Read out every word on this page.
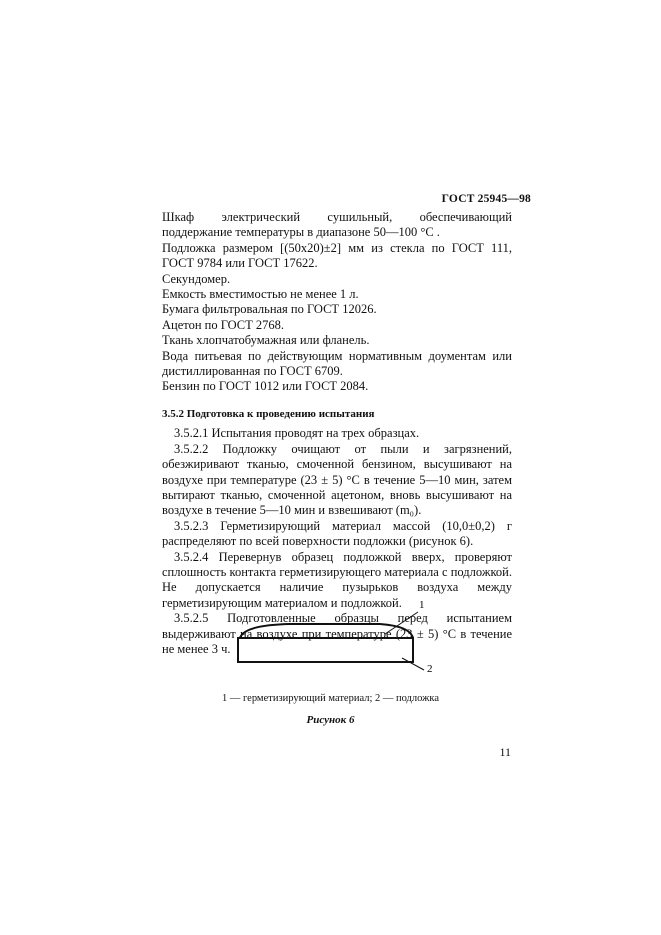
ГОСТ 25945—98

Шкаф электрический сушильный, обеспечивающий поддержание температуры в диапазоне 50—100 °С .

Подложка размером [(50x20)±2] мм из стекла по ГОСТ 111, ГОСТ 9784 или ГОСТ 17622.

Секундомер.

Емкость вместимостью не менее 1 л.

Бумага фильтровальная по ГОСТ 12026.

Ацетон по ГОСТ 2768.

Ткань хлопчатобумажная или фланель.

Вода питьевая по действующим нормативным доументам или дистиллированная по ГОСТ 6709.

Бензин по ГОСТ 1012 или ГОСТ 2084.

3.5.2 Подготовка к проведению испытания

3.5.2.1 Испытания проводят на трех образцах.

3.5.2.2 Подложку очищают от пыли и загрязнений, обезжиривают тканью, смоченной бензином, высушивают на воздухе при температуре (23 ± 5) °С в течение 5—10 мин, затем вытирают тканью, смоченной ацетоном, вновь высушивают на воздухе в течение 5—10 мин и взвешивают (m₀).

3.5.2.3 Герметизирующий материал массой (10,0±0,2) г распределяют по всей поверхности подложки (рисунок 6).

3.5.2.4 Перевернув образец подложкой вверх, проверяют сплошность контакта герметизирующего материала с подложкой. Не допускается наличие пузырьков воздуха между герметизирующим материалом и подложкой.

3.5.2.5 Подготовленные образцы перед испытанием выдерживают на воздухе при температуре (23 ± 5) °С в течение не менее 3 ч.

1
2
1 — герметизирующий материал; 2 — подложка
Рисунок 6
11
